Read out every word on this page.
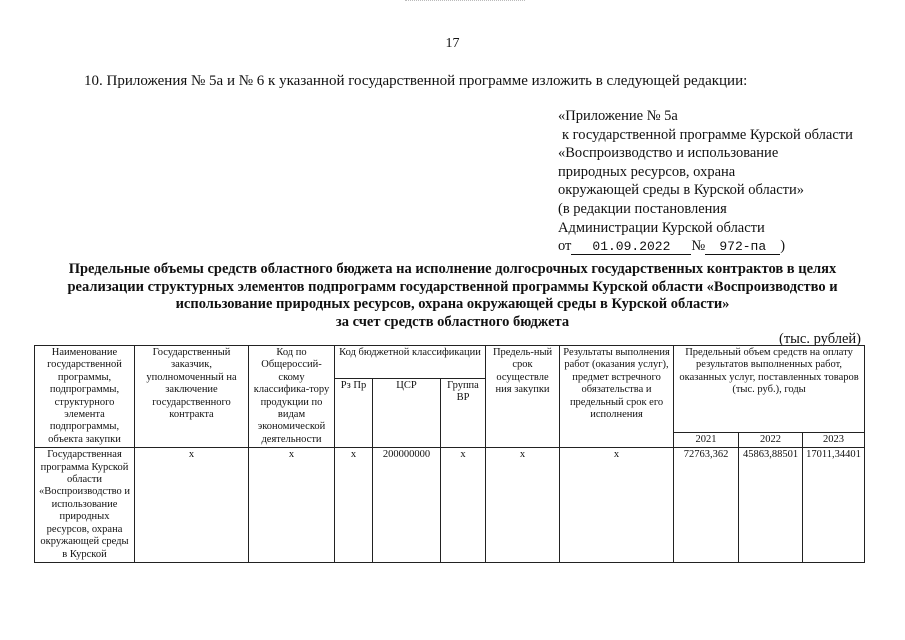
17
10. Приложения № 5а и № 6 к указанной государственной программе изложить в следующей редакции:
«Приложение № 5а
к государственной программе Курской области
«Воспроизводство и использование
природных ресурсов, охрана
окружающей среды в Курской области»
(в редакции постановления
Администрации Курской области
от 01.09.2022 № 972-па )
Предельные объемы средств областного бюджета на исполнение долгосрочных государственных контрактов в целях
реализации структурных элементов подпрограмм государственной программы Курской области «Воспроизводство и
использование природных ресурсов, охрана окружающей среды в Курской области»
за счет средств областного бюджета
(тыс. рублей)
Наименование государственной программы, подпрограммы, структурного элемента подпрограммы, объекта закупки	Государственный заказчик, уполномоченный на заключение государственного контракта	Код по Общероссий-скому классифика-тору продукции по видам экономической деятельности	Код бюджетной классификации			Предель-ный срок осуществле ния закупки	Результаты выполнения работ (оказания услуг), предмет встречного обязательства и предельный срок его исполнения	Предельный объем средств на оплату результатов выполненных работ, оказанных услуг, поставленных товаров (тыс. руб.), годы		
			Рз Пр	ЦСР	Группа ВР					
								2021	2022	2023
Государственная программа Курской области «Воспроизводство и использование природных ресурсов, охрана окружающей среды в Курской	х	х	х	200000000	х	х	х	72763,362	45863,88501	17011,34401
